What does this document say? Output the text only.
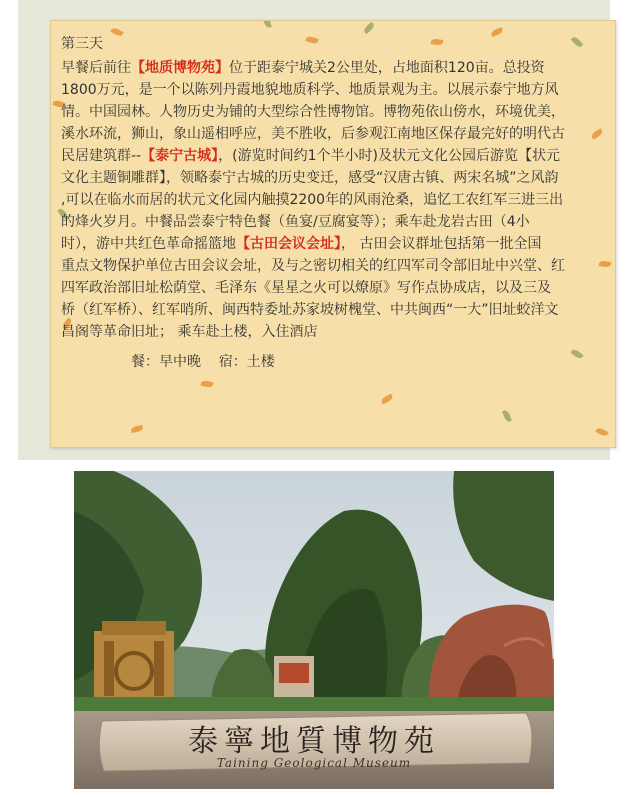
第三天
早餐后前往【地质博物苑】位于距泰宁城关2公里处，占地面积120亩。总投资
1800万元，是一个以陈列丹霞地貌地质科学、地质景观为主。以展示泰宁地方风
情。中国园林。人物历史为铺的大型综合性博物馆。博物苑依山傍水，环境优美，
溪水环流，狮山，象山遥相呼应，美不胜收，后参观江南地区保存最完好的明代古
民居建筑群--【泰宁古城】，(游览时间约1个半小时)及状元文化公园后游览【状元
文化主题铜雕群】，领略泰宁古城的历史变迁，感受“汉唐古镇、两宋名城”之风韵
,可以在临水而居的状元文化园内触摸2200年的风雨沧桑，追忆工农红军三进三出
的烽火岁月。中餐品尝泰宁特色餐（鱼宴/豆腐宴等）；乘车赴龙岩古田（4小
时），游中共红色革命摇篮地【古田会议会址】， 古田会议群址包括第一批全国
重点文物保护单位古田会议会址，及与之密切相关的红四军司令部旧址中兴堂、红
四军政治部旧址松荫堂、毛泽东《星星之火可以燎原》写作点协成店，以及三及
桥（红军桥）、红军哨所、闽西特委址苏家坡树槐堂、中共闽西“一大”旧址蛟洋文
昌阁等革命旧址； 乘车赴土楼，入住酒店
餐：早中晚 宿：土楼
泰寧地質博物苑
Taining Geological Museum
